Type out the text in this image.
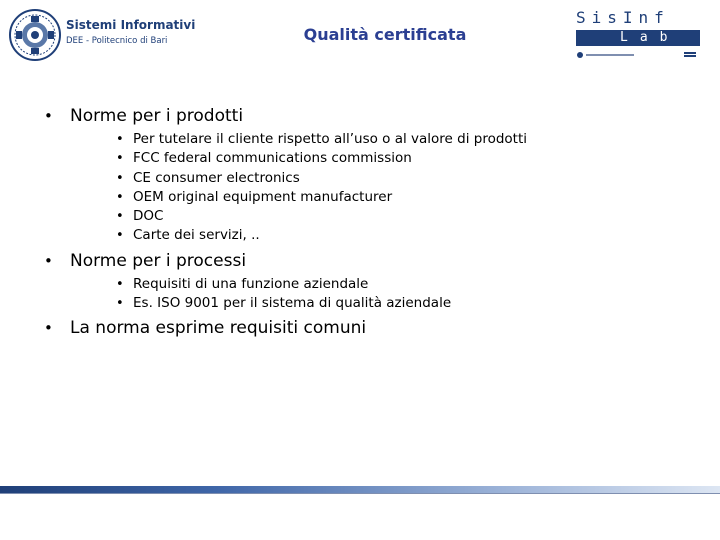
Sistemi Informativi
DEE - Politecnico di Bari	Qualità certificata
SisInf
Lab
• Norme per i prodotti
• Per tutelare il cliente rispetto all’uso o al valore di prodotti
• FCC federal communications commission
• CE consumer electronics
• OEM original equipment manufacturer
• DOC
• Carte dei servizi, ..
• Norme per i processi
• Requisiti di una funzione aziendale
• Es. ISO 9001 per il sistema di qualità aziendale
• La norma esprime requisiti comuni
